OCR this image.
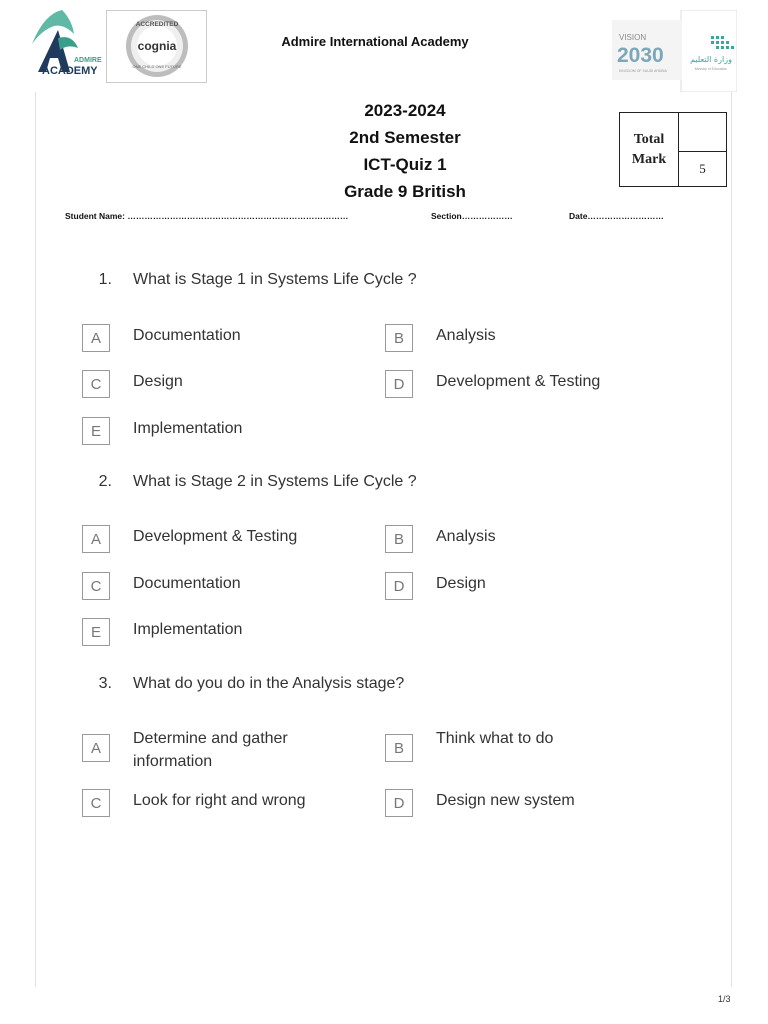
ADMIRE
ACADEMY
ACCREDITED
cognia
ONE CHILD ONE FUTURE
VISION
2030
KINGDOM OF SAUDI ARABIA
وزارة التعليم
Ministry of Education
Admire International Academy
2023-2024
2nd Semester
ICT-Quiz 1
Grade 9 British
Total Mark	
5
Student Name: ……………………………………………………………………	Section………………	Date………………………
1. What is Stage 1 in Systems Life Cycle ?
A	Documentation	B	Analysis
C	Design	D	Development & Testing
E	Implementation
2. What is Stage 2 in Systems Life Cycle ?
A	Development & Testing	B	Analysis
C	Documentation	D	Design
E	Implementation
3. What do you do in the Analysis stage?
A
Determine and gather information
B
Think what to do
C	Look for right and wrong	D	Design new system
1/3
